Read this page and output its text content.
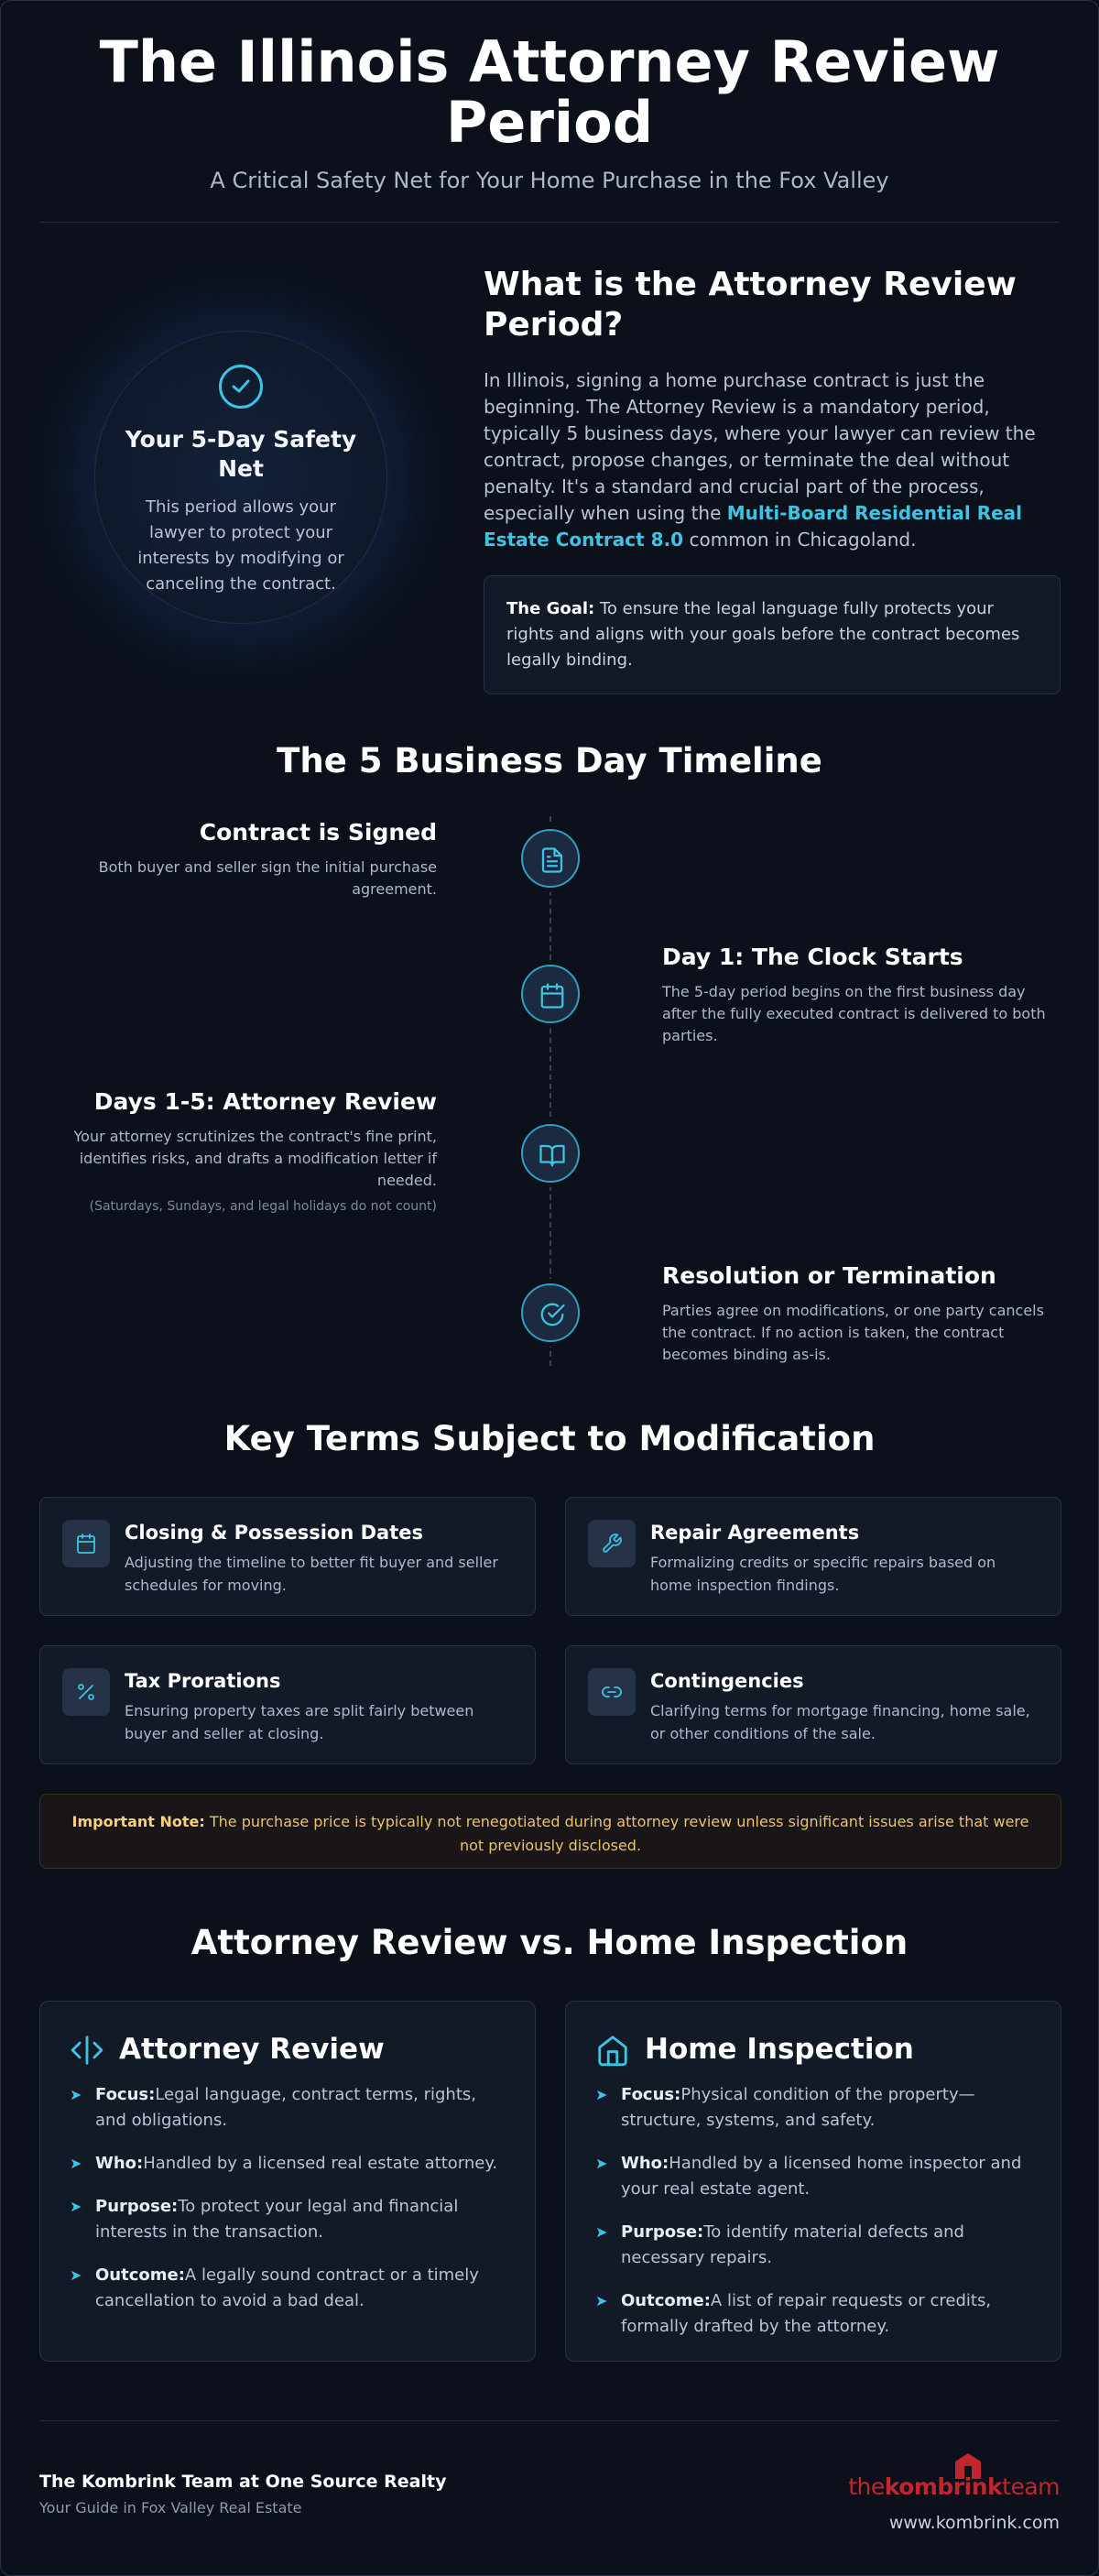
The Illinois Attorney Review Period
A Critical Safety Net for Your Home Purchase in the Fox Valley
Your 5-Day Safety Net
This period allows your lawyer to protect your interests by modifying or canceling the contract.
What is the Attorney Review Period?

In Illinois, signing a home purchase contract is just the beginning. The Attorney Review is a mandatory period, typically 5 business days, where your lawyer can review the contract, propose changes, or terminate the deal without penalty. It's a standard and crucial part of the process, especially when using the Multi-Board Residential Real Estate Contract 8.0 common in Chicagoland.

The Goal: To ensure the legal language fully protects your rights and aligns with your goals before the contract becomes legally binding.
The 5 Business Day Timeline
Contract is Signed
Both buyer and seller sign the initial purchase agreement.
Day 1: The Clock Starts
The 5-day period begins on the first business day after the fully executed contract is delivered to both parties.
Days 1-5: Attorney Review
Your attorney scrutinizes the contract's fine print, identifies risks, and drafts a modification letter if needed.
(Saturdays, Sundays, and legal holidays do not count)
Resolution or Termination
Parties agree on modifications, or one party cancels the contract. If no action is taken, the contract becomes binding as-is.
Key Terms Subject to Modification
Closing & Possession Dates
Adjusting the timeline to better fit buyer and seller schedules for moving.
Repair Agreements
Formalizing credits or specific repairs based on home inspection findings.
Tax Prorations
Ensuring property taxes are split fairly between buyer and seller at closing.
Contingencies
Clarifying terms for mortgage financing, home sale, or other conditions of the sale.
Important Note: The purchase price is typically not renegotiated during attorney review unless significant issues arise that were not previously disclosed.
Attorney Review vs. Home Inspection
Attorney Review
➤ Focus:Legal language, contract terms, rights, and obligations.
➤ Who:Handled by a licensed real estate attorney.
➤ Purpose:To protect your legal and financial interests in the transaction.
➤ Outcome:A legally sound contract or a timely cancellation to avoid a bad deal.
Home Inspection
➤ Focus:Physical condition of the property—structure, systems, and safety.
➤ Who:Handled by a licensed home inspector and your real estate agent.
➤ Purpose:To identify material defects and necessary repairs.
➤ Outcome:A list of repair requests or credits, formally drafted by the attorney.
The Kombrink Team at One Source Realty
Your Guide in Fox Valley Real Estate
thekombrinkteam
www.kombrink.com
